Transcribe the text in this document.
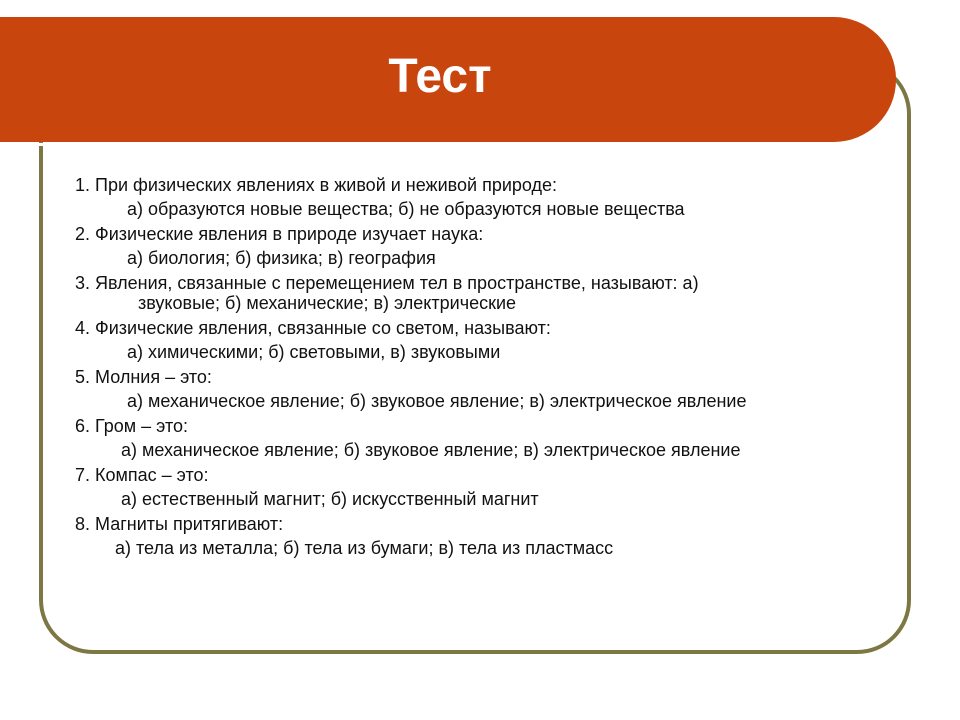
Тест

1. При физических явлениях в живой и неживой природе:

а) образуются новые вещества; б) не образуются новые вещества

2. Физические явления в природе изучает наука:

а) биология; б) физика; в) география

3. Явления, связанные с перемещением тел в пространстве, называют: а)

звуковые; б) механические; в) электрические

4. Физические явления, связанные со светом, называют:

а) химическими; б) световыми, в) звуковыми

5. Молния – это:

а) механическое явление; б) звуковое явление; в) электрическое явление

6. Гром – это:

а) механическое явление; б) звуковое явление; в) электрическое явление

7. Компас – это:

а) естественный магнит; б) искусственный магнит

8. Магниты притягивают:

а) тела из металла; б) тела из бумаги; в) тела из пластмасс
